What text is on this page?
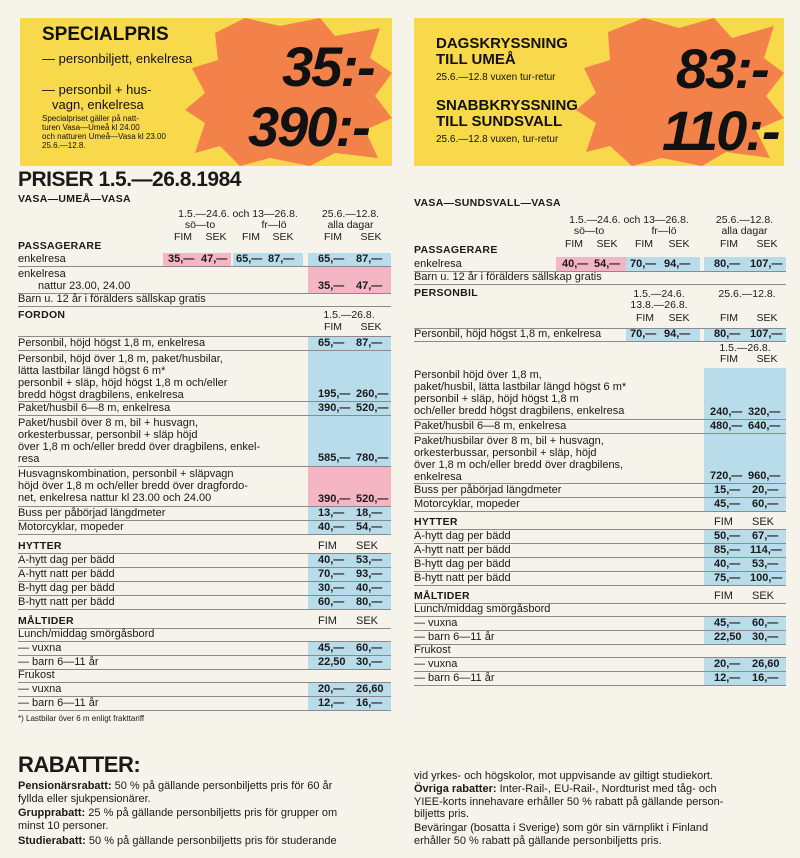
SPECIALPRIS
— personbiljett, enkelresa
— personbil + hus-
vagn, enkelresa
Specialpriset gäller på natt-
turen Vasa—Umeå kl 24.00
och natturen Umeå—Vasa kl 23.00
25.6.—12.8.
35:-
390:-
DAGSKRYSSNING
TILL UMEÅ
25.6.—12.8 vuxen tur-retur
SNABBKRYSSNING
TILL SUNDSVALL
25.6.—12.8 vuxen, tur-retur
83:-
110:-
PRISER 1.5.—26.8.1984
VASA—UMEÅ—VASA
1.5.—24.6. och 13—26.8.
sö—to	fr—lö
25.6.—12.8.
alla dagar
PASSAGERARE
FIM	SEK	FIM	SEK	FIM	SEK
enkelresa	35,— 47,— 65,— 87,— 65,— 87,—
enkelresa
nattur 23.00, 24.00	35,— 47,—
Barn u. 12 år i förälders sällskap gratis
FORDON	1.5.—26.8.
FIM	SEK
Personbil, höjd högst 1,8 m, enkelresa	65,— 87,—
Personbil, höjd över 1,8 m, paket/husbilar,
lätta lastbilar längd högst 6 m*
personbil + släp, höjd högst 1,8 m och/eller
bredd högst dragbilens, enkelresa	195,— 260,—
Paket/husbil 6—8 m, enkelresa	390,— 520,—
Paket/husbil över 8 m, bil + husvagn,
orkesterbussar, personbil + släp höjd
över 1,8 m och/eller bredd över dragbilens, enkel-
resa	585,— 780,—
Husvagnskombination, personbil + släpvagn
höjd över 1,8 m och/eller bredd över dragfordo-
net, enkelresa nattur kl 23.00 och 24.00	390,— 520,—
Buss per påbörjad längdmeter	13,— 18,—
Motorcyklar, mopeder	40,— 54,—
HYTTER	FIM SEK
A-hytt dag per bädd	40,— 53,—
A-hytt natt per bädd	70,— 93,—
B-hytt dag per bädd	30,— 40,—
B-hytt natt per bädd	60,— 80,—
MÅLTIDER	FIM SEK
Lunch/middag smörgåsbord
— vuxna	45,— 60,—
— barn 6—11 år	22,50 30,—
Frukost
— vuxna	20,— 26,60
— barn 6—11 år	12,— 16,—
*) Lastbilar över 6 m enligt frakttariff
VASA—SUNDSVALL—VASA
1.5.—24.6. och 13—26.8.
sö—to	fr—lö
25.6.—12.8.
alla dagar
PASSAGERARE	FIM	SEK	FIM	SEK	FIM	SEK
enkelresa	40,— 54,— 70,— 94,— 80,— 107,—
Barn u. 12 år i förälders sällskap gratis
PERSONBIL	1.5.—24.6.
13.8.—26.8.
25.6.—12.8.
FIM	SEK	FIM	SEK
Personbil, höjd högst 1,8 m, enkelresa	70,— 94,— 80,— 107,—
1.5.—26.8.
FIM	SEK
Personbil höjd över 1,8 m,
paket/husbil, lätta lastbilar längd högst 6 m*
personbil + släp, höjd högst 1,8 m
och/eller bredd högst dragbilens, enkelresa	240,— 320,—
Paket/husbil 6—8 m, enkelresa	480,— 640,—
Paket/husbilar över 8 m, bil + husvagn,
orkesterbussar, personbil + släp, höjd
över 1,8 m och/eller bredd över dragbilens,
enkelresa	720,— 960,—
Buss per påbörjad längdmeter	15,— 20,—
Motorcyklar, mopeder	45,— 60,—
HYTTER	FIM SEK
A-hytt dag per bädd	50,— 67,—
A-hytt natt per bädd	85,— 114,—
B-hytt dag per bädd	40,— 53,—
B-hytt natt per bädd	75,— 100,—
MÅLTIDER	FIM SEK
Lunch/middag smörgåsbord
— vuxna	45,— 60,—
— barn 6—11 år	22,50 30,—
Frukost
— vuxna	20,— 26,60
— barn 6—11 år	12,— 16,—
RABATTER:
Pensionärsrabatt: 50 % på gällande personbiljetts pris för 60 år
fyllda eller sjukpensionärer.
Grupprabatt: 25 % på gällande personbiljetts pris för grupper om
minst 10 personer.
Studierabatt: 50 % på gällande personbiljetts pris för studerande
vid yrkes- och högskolor, mot uppvisande av giltigt studiekort.
Övriga rabatter: Inter-Rail-, EU-Rail-, Nordturist med tåg- och
YIEE-korts innehavare erhåller 50 % rabatt på gällande person-
biljetts pris.
Beväringar (bosatta i Sverige) som gör sin värnplikt i Finland
erhåller 50 % rabatt på gällande personbiljetts pris.
